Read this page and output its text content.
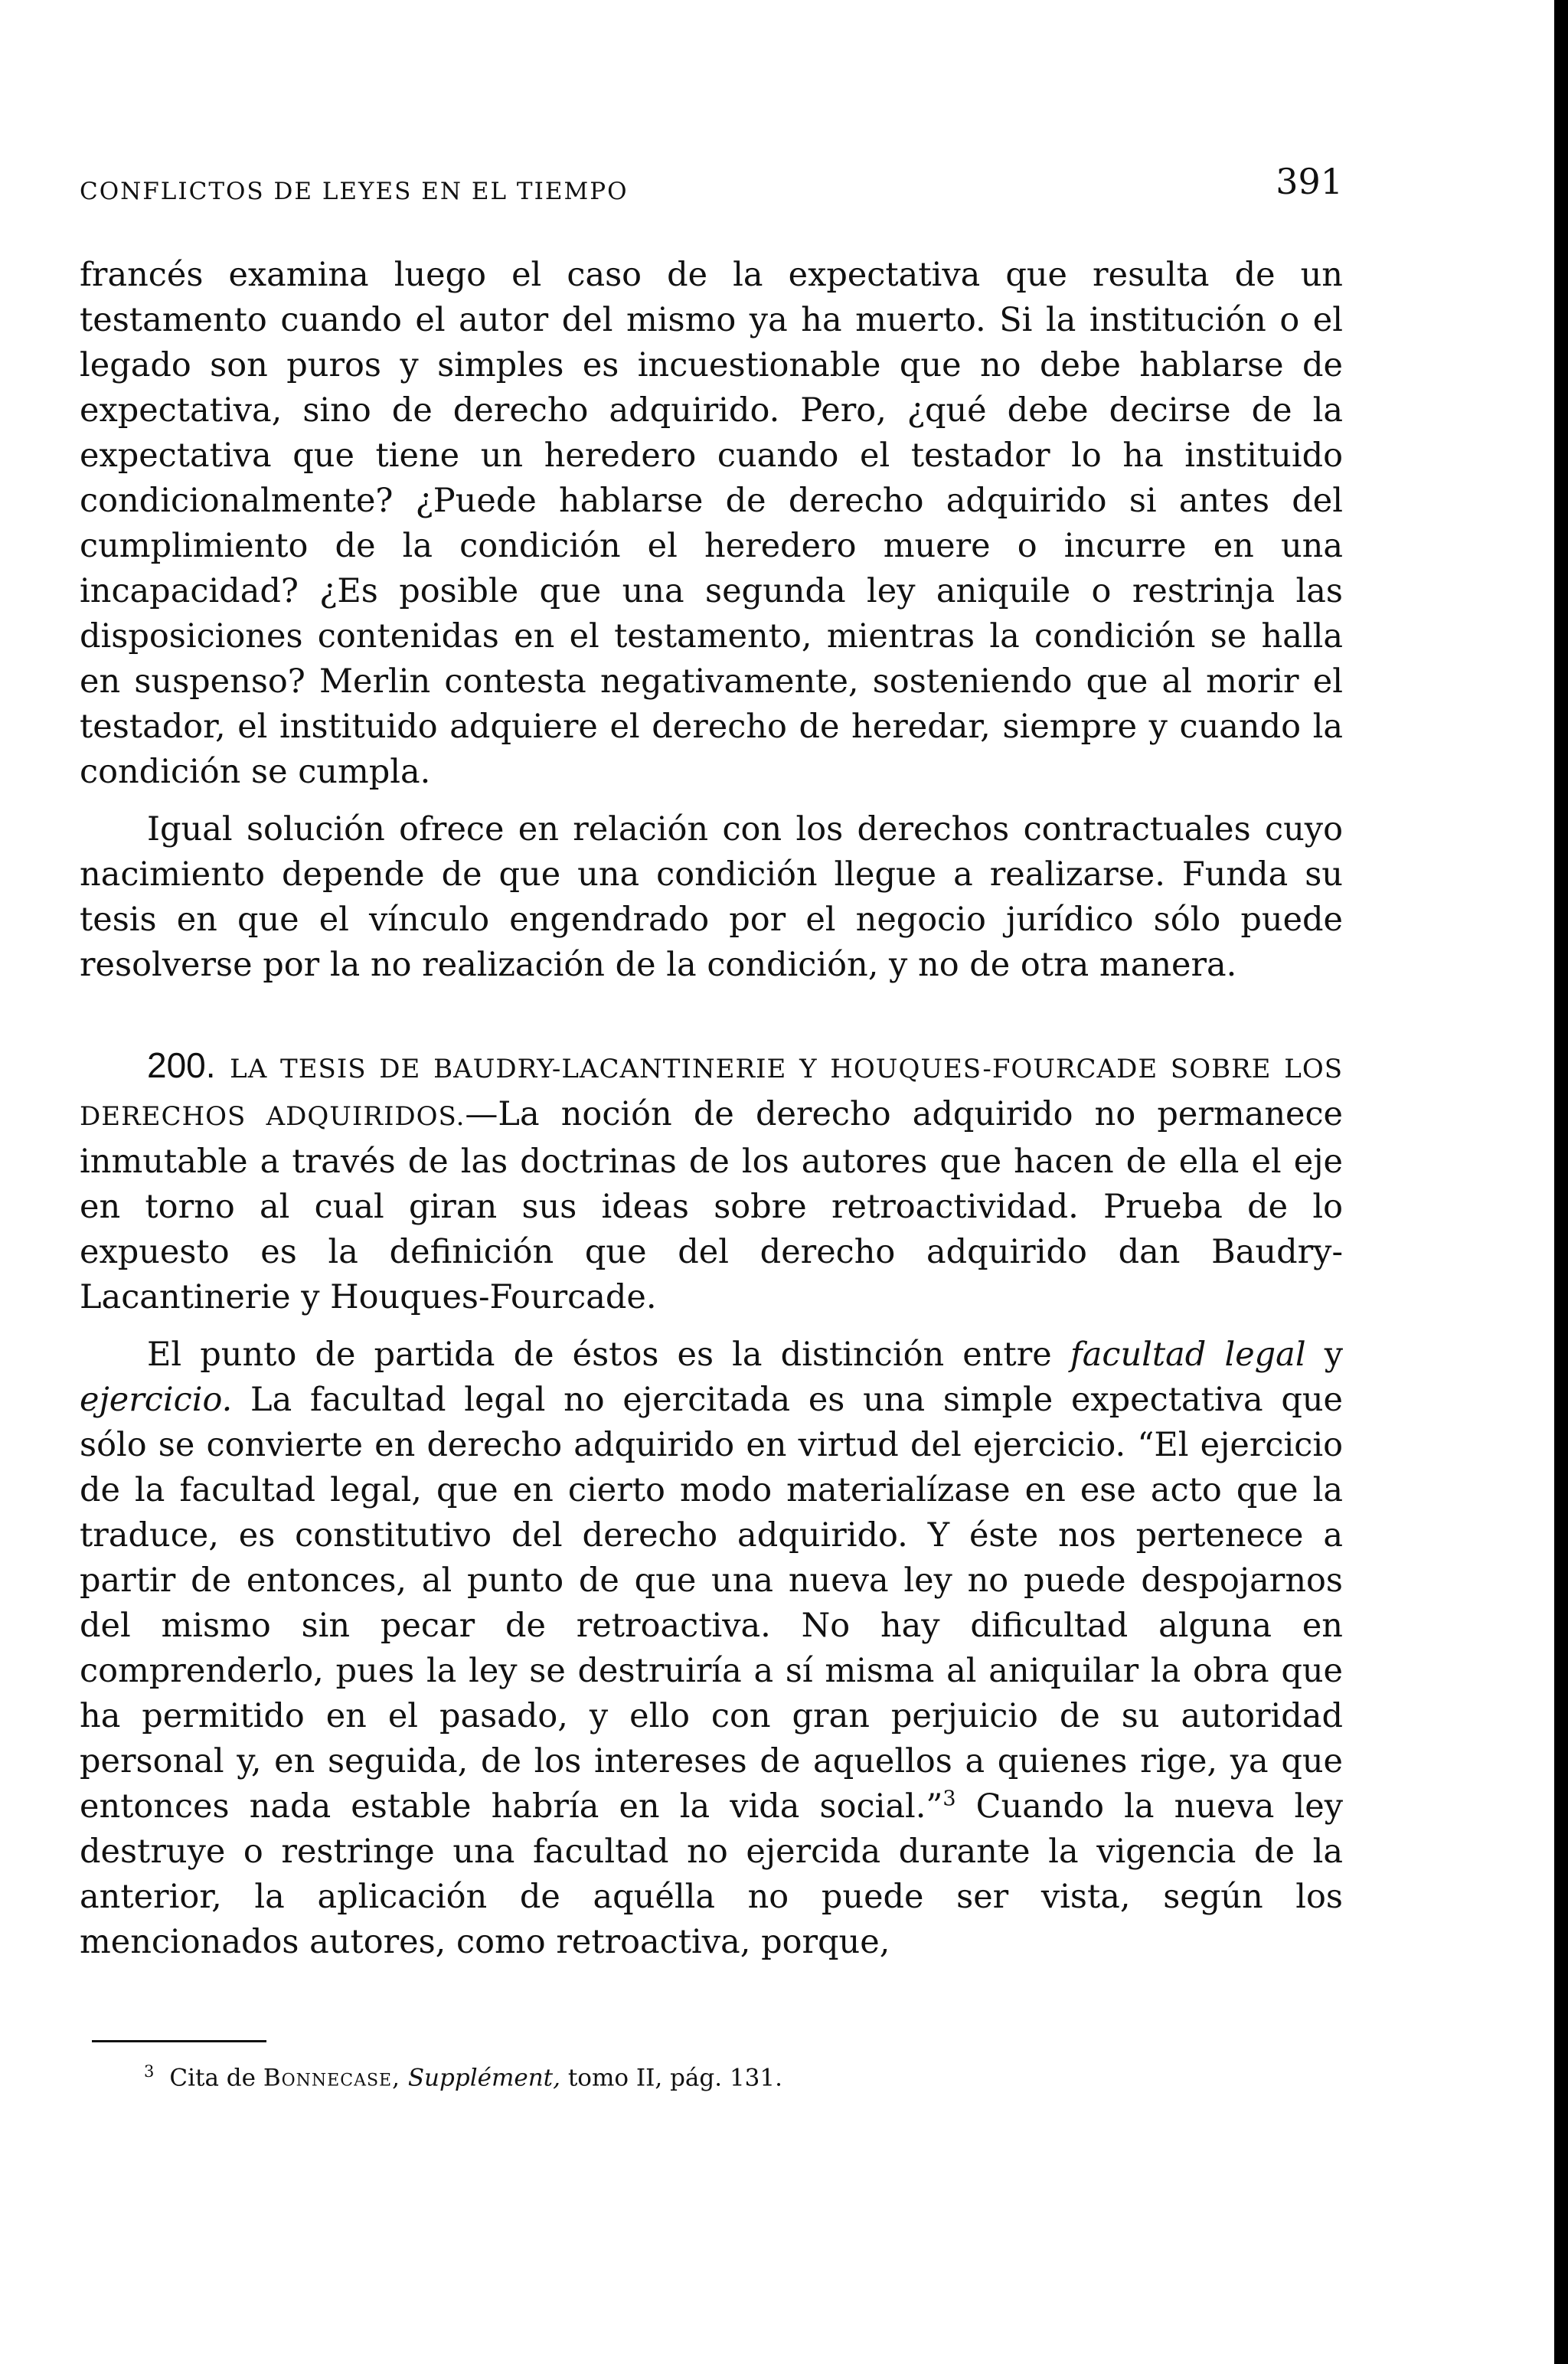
CONFLICTOS DE LEYES EN EL TIEMPO	391

francés examina luego el caso de la expectativa que resulta de un testamento cuando el autor del mismo ya ha muerto. Si la institución o el legado son puros y simples es incuestionable que no debe hablarse de expectativa, sino de derecho adquirido. Pero, ¿qué debe decirse de la expectativa que tiene un heredero cuando el testador lo ha instituido condicionalmente? ¿Puede hablarse de derecho adquirido si antes del cumplimiento de la condición el heredero muere o incurre en una incapacidad? ¿Es posible que una segunda ley aniquile o restrinja las disposiciones contenidas en el testamento, mientras la condición se halla en suspenso? Merlin contesta negativamente, sosteniendo que al morir el testador, el instituido adquiere el derecho de heredar, siempre y cuando la condición se cumpla.

Igual solución ofrece en relación con los derechos contractuales cuyo nacimiento depende de que una condición llegue a realizarse. Funda su tesis en que el vínculo engendrado por el negocio jurídico sólo puede resolverse por la no realización de la condición, y no de otra manera.

200. LA TESIS DE BAUDRY-LACANTINERIE Y HOUQUES-FOURCADE SOBRE LOS DERECHOS ADQUIRIDOS.—La noción de derecho adquirido no permanece inmutable a través de las doctrinas de los autores que hacen de ella el eje en torno al cual giran sus ideas sobre retroactividad. Prueba de lo expuesto es la definición que del derecho adquirido dan Baudry-Lacantinerie y Houques-Fourcade.

El punto de partida de éstos es la distinción entre facultad legal y ejercicio. La facultad legal no ejercitada es una simple expectativa que sólo se convierte en derecho adquirido en virtud del ejercicio. “El ejercicio de la facultad legal, que en cierto modo materialízase en ese acto que la traduce, es constitutivo del derecho adquirido. Y éste nos pertenece a partir de entonces, al punto de que una nueva ley no puede despojarnos del mismo sin pecar de retroactiva. No hay dificultad alguna en comprenderlo, pues la ley se destruiría a sí misma al aniquilar la obra que ha permitido en el pasado, y ello con gran perjuicio de su autoridad personal y, en seguida, de los intereses de aquellos a quienes rige, ya que entonces nada estable habría en la vida social.”$^3$ Cuando la nueva ley destruye o restringe una facultad no ejercida durante la vigencia de la anterior, la aplicación de aquélla no puede ser vista, según los mencionados autores, como retroactiva, porque,

$^3$ Cita de Bonnecase, Supplément, tomo II, pág. 131.
